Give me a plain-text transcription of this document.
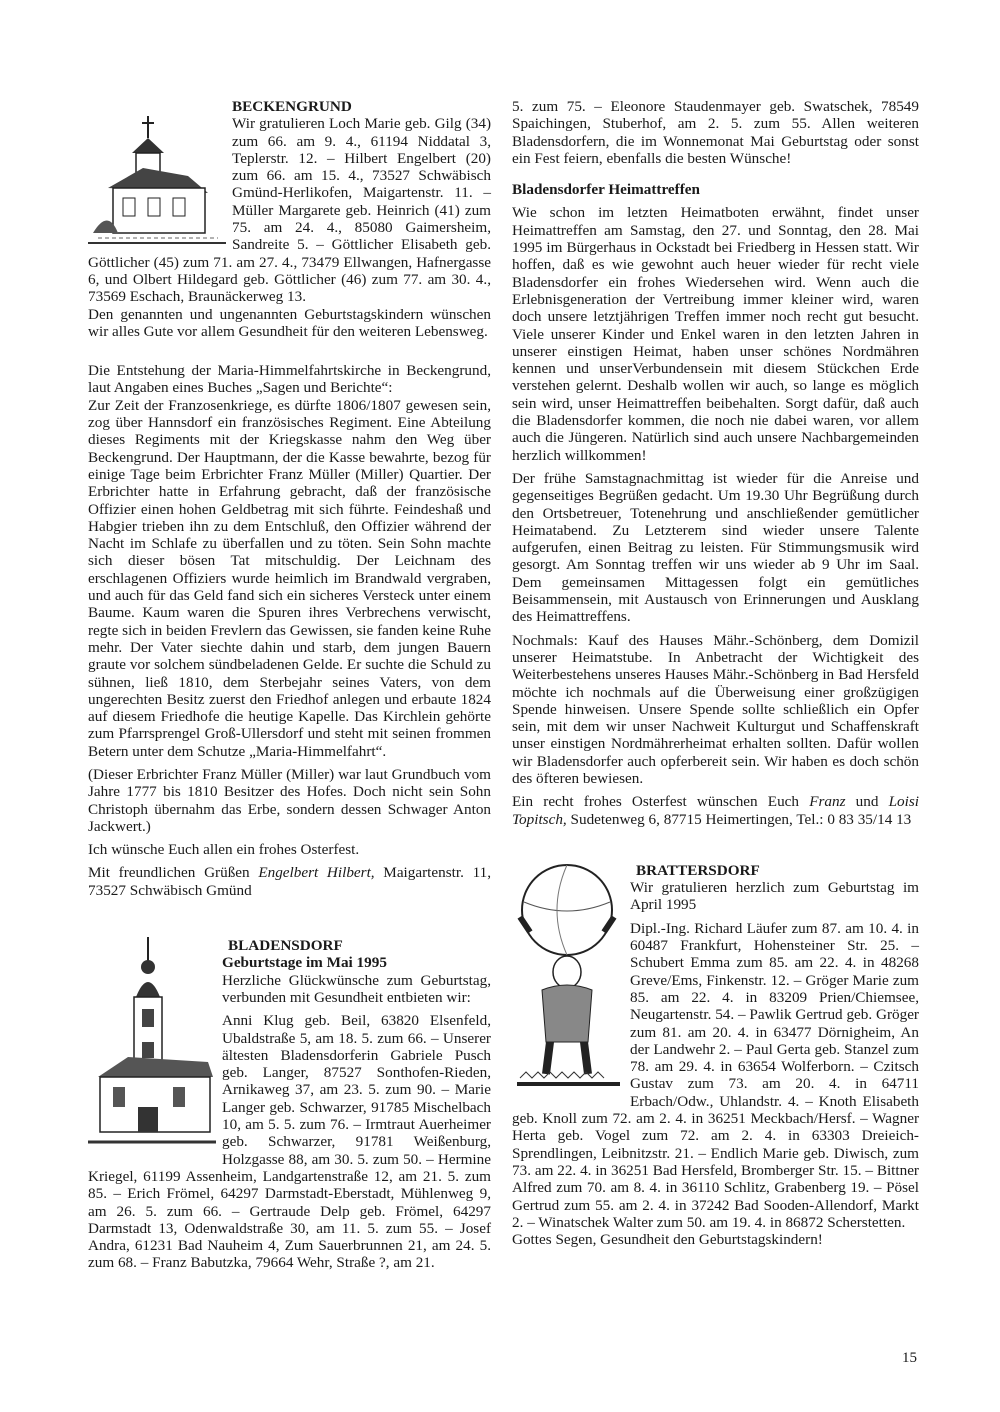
BECKENGRUND

Wir gratulieren Loch Marie geb. Gilg (34) zum 66. am 9. 4., 61194 Niddatal 3, Teplerstr. 12. – Hilbert Engelbert (20) zum 66. am 15. 4., 73527 Schwäbisch Gmünd-Herlikofen, Maigartenstr. 11. – Müller Margarete geb. Heinrich (41) zum 75. am 24. 4., 85080 Gaimersheim, Sandreite 5. – Göttlicher Elisabeth geb. Göttlicher (45) zum 71. am 27. 4., 73479 Ellwangen, Hafnergasse 6, und Olbert Hildegard geb. Göttlicher (46) zum 77. am 30. 4., 73569 Eschach, Braunäckerweg 13.

Den genannten und ungenannten Geburtstagskindern wünschen wir alles Gute vor allem Gesundheit für den weiteren Lebensweg.

Die Entstehung der Maria-Himmelfahrtskirche in Beckengrund, laut Angaben eines Buches „Sagen und Berichte“:

Zur Zeit der Franzosenkriege, es dürfte 1806/1807 gewesen sein, zog über Hannsdorf ein französisches Regiment. Eine Abteilung dieses Regiments mit der Kriegskasse nahm den Weg über Beckengrund. Der Hauptmann, der die Kasse bewahrte, bezog für einige Tage beim Erbrichter Franz Müller (Miller) Quartier. Der Erbrichter hatte in Erfahrung gebracht, daß der französische Offizier einen hohen Geldbetrag mit sich führte. Feindeshaß und Habgier trieben ihn zu dem Entschluß, den Offizier während der Nacht im Schlafe zu überfallen und zu töten. Sein Sohn machte sich dieser bösen Tat mitschuldig. Der Leichnam des erschlagenen Offiziers wurde heimlich im Brandwald vergraben, und auch für das Geld fand sich ein sicheres Versteck unter einem Baume. Kaum waren die Spuren ihres Verbrechens verwischt, regte sich in beiden Frevlern das Gewissen, sie fanden keine Ruhe mehr. Der Vater siechte dahin und starb, dem jungen Bauern graute vor solchem sündbeladenen Gelde. Er suchte die Schuld zu sühnen, ließ 1810, dem Sterbejahr seines Vaters, von dem ungerechten Besitz zuerst den Friedhof anlegen und erbaute 1824 auf diesem Friedhofe die heutige Kapelle. Das Kirchlein gehörte zum Pfarrsprengel Groß-Ullersdorf und steht mit seinen frommen Betern unter dem Schutze „Maria-Himmelfahrt“.

(Dieser Erbrichter Franz Müller (Miller) war laut Grundbuch vom Jahre 1777 bis 1810 Besitzer des Hofes. Doch nicht sein Sohn Christoph übernahm das Erbe, sondern dessen Schwager Anton Jackwert.)

Ich wünsche Euch allen ein frohes Osterfest.

Mit freundlichen Grüßen Engelbert Hilbert, Maigartenstr. 11, 73527 Schwäbisch Gmünd

BLADENSDORF

Geburtstage im Mai 1995

Herzliche Glückwünsche zum Geburtstag, verbunden mit Gesundheit entbieten wir:

Anni Klug geb. Beil, 63820 Elsenfeld, Ubaldstraße 5, am 18. 5. zum 66. – Unserer ältesten Bladensdorferin Gabriele Pusch geb. Langer, 87527 Sonthofen-Rieden, Arnikaweg 37, am 23. 5. zum 90. – Marie Langer geb. Schwarzer, 91785 Mischelbach 10, am 5. 5. zum 76. – Irmtraut Auerheimer geb. Schwarzer, 91781 Weißenburg, Holzgasse 88, am 30. 5. zum 50. – Hermine Kriegel, 61199 Assenheim, Landgartenstraße 12, am 21. 5. zum 85. – Erich Frömel, 64297 Darmstadt-Eberstadt, Mühlenweg 9, am 26. 5. zum 66. – Gertraude Delp geb. Frömel, 64297 Darmstadt 13, Odenwaldstraße 30, am 11. 5. zum 55. – Josef Andra, 61231 Bad Nauheim 4, Zum Sauerbrunnen 21, am 24. 5. zum 68. – Franz Babutzka, 79664 Wehr, Straße ?, am 21.

5. zum 75. – Eleonore Staudenmayer geb. Swatschek, 78549 Spaichingen, Stuberhof, am 2. 5. zum 55. Allen weiteren Bladensdorfern, die im Wonnemonat Mai Geburtstag oder sonst ein Fest feiern, ebenfalls die besten Wünsche!

Bladensdorfer Heimattreffen

Wie schon im letzten Heimatboten erwähnt, findet unser Heimattreffen am Samstag, den 27. und Sonntag, den 28. Mai 1995 im Bürgerhaus in Ockstadt bei Friedberg in Hessen statt. Wir hoffen, daß es wie gewohnt auch heuer wieder für recht viele Bladensdorfer ein frohes Wiedersehen wird. Wenn auch die Erlebnisgeneration der Vertreibung immer kleiner wird, waren doch unsere letztjährigen Treffen immer noch recht gut besucht. Viele unserer Kinder und Enkel waren in den letzten Jahren in unserer einstigen Heimat, haben unser schönes Nordmähren kennen und unserVerbundensein mit diesem Stückchen Erde verstehen gelernt. Deshalb wollen wir auch, so lange es möglich sein wird, unser Heimattreffen beibehalten. Sorgt dafür, daß auch die Bladensdorfer kommen, die noch nie dabei waren, vor allem auch die Jüngeren. Natürlich sind auch unsere Nachbargemeinden herzlich willkommen!

Der frühe Samstagnachmittag ist wieder für die Anreise und gegenseitiges Begrüßen gedacht. Um 19.30 Uhr Begrüßung durch den Ortsbetreuer, Totenehrung und anschließender gemütlicher Heimatabend. Zu Letzterem sind wieder unsere Talente aufgerufen, einen Beitrag zu leisten. Für Stimmungsmusik wird gesorgt. Am Sonntag treffen wir uns wieder ab 9 Uhr im Saal. Dem gemeinsamen Mittagessen folgt ein gemütliches Beisammensein, mit Austausch von Erinnerungen und Ausklang des Heimattreffens.

Nochmals: Kauf des Hauses Mähr.-Schönberg, dem Domizil unserer Heimatstube. In Anbetracht der Wichtigkeit des Weiterbestehens unseres Hauses Mähr.-Schönberg in Bad Hersfeld möchte ich nochmals auf die Überweisung einer großzügigen Spende hinweisen. Unsere Spende sollte schließlich ein Opfer sein, mit dem wir unser Nachweit Kulturgut und Schaffenskraft unser einstigen Nordmährerheimat erhalten sollten. Dafür wollen wir Bladensdorfer auch opferbereit sein. Wir haben es doch schön des öfteren bewiesen.

Ein recht frohes Osterfest wünschen Euch Franz und Loisi Topitsch, Sudetenweg 6, 87715 Heimertingen, Tel.: 0 83 35/14 13

BRATTERSDORF

Wir gratulieren herzlich zum Geburtstag im April 1995

Dipl.-Ing. Richard Läufer zum 87. am 10. 4. in 60487 Frankfurt, Hohensteiner Str. 25. – Schubert Emma zum 85. am 22. 4. in 48268 Greve/Ems, Finkenstr. 12. – Gröger Marie zum 85. am 22. 4. in 83209 Prien/Chiemsee, Neugartenstr. 54. – Pawlik Gertrud geb. Gröger zum 81. am 20. 4. in 63477 Dörnigheim, An der Landwehr 2. – Paul Gerta geb. Stanzel zum 78. am 29. 4. in 63654 Wolferborn. – Czitsch Gustav zum 73. am 20. 4. in 64711 Erbach/Odw., Uhlandstr. 4. – Knoth Elisabeth geb. Knoll zum 72. am 2. 4. in 36251 Meckbach/Hersf. – Wagner Herta geb. Vogel zum 72. am 2. 4. in 63303 Dreieich-Sprendlingen, Leibnitzstr. 21. – Endlich Marie geb. Diwisch, zum 73. am 22. 4. in 36251 Bad Hersfeld, Bromberger Str. 15. – Bittner Alfred zum 70. am 8. 4. in 36110 Schlitz, Grabenberg 19. – Pösel Gertrud zum 55. am 2. 4. in 37242 Bad Sooden-Allendorf, Markt 2. – Winatschek Walter zum 50. am 19. 4. in 86872 Scherstetten.

Gottes Segen, Gesundheit den Geburtstagskindern!

15
